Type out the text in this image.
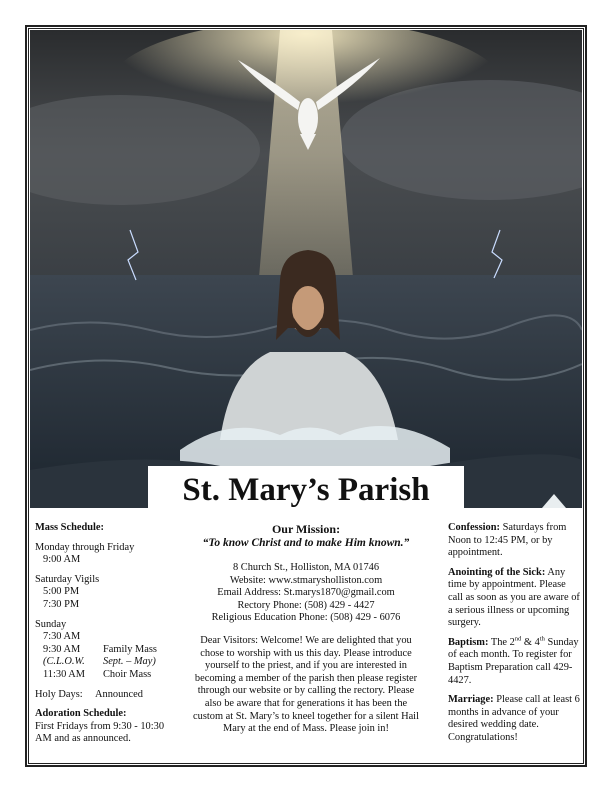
St. Mary’s Parish

Mass Schedule:

Monday through Friday

9:00 AM

Saturday Vigils

5:00 PM

7:30 PM

Sunday

7:30 AM

9:30 AM	Family Mass
(C.L.O.W.	Sept. – May)
11:30 AM	Choir Mass
Holy Days:	Announced

Adoration Schedule:

First Fridays from 9:30 - 10:30 AM and as announced.

Our Mission:

“To know Christ and to make Him known.”

8 Church St., Holliston, MA 01746

Website: www.stmarysholliston.com

Email Address: St.marys1870@gmail.com

Rectory Phone: (508) 429 - 4427

Religious Education Phone: (508) 429 - 6076

Dear Visitors: Welcome! We are delighted that you chose to worship with us this day. Please introduce yourself to the priest, and if you are interested in becoming a member of the parish then please register through our website or by calling the rectory. Please also be aware that for generations it has been the custom at St. Mary’s to kneel together for a silent Hail Mary at the end of Mass. Please join in!

Confession: Saturdays from Noon to 12:45 PM, or by appointment.

Anointing of the Sick: Any time by appointment. Please call as soon as you are aware of a serious illness or upcoming surgery.

Baptism: The 2nd & 4th Sunday of each month. To register for Baptism Preparation call 429-4427.

Marriage: Please call at least 6 months in advance of your desired wedding date. Congratulations!
